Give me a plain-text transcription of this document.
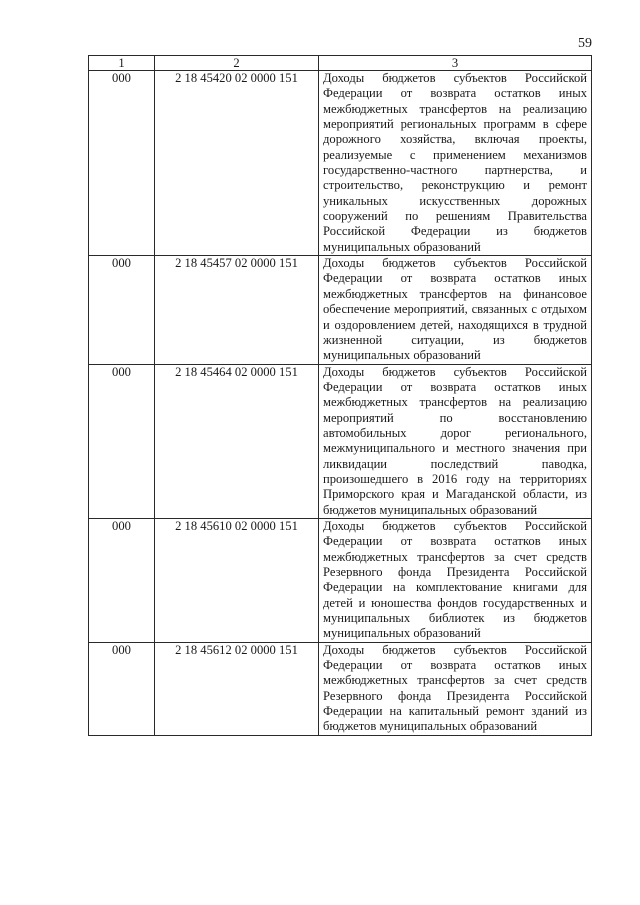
59
1	2	3
000	2 18 45420 02 0000 151	Доходы бюджетов субъектов Российской Федерации от возврата остатков иных межбюджетных трансфертов на реализацию мероприятий региональных программ в сфере дорожного хозяйства, включая проекты, реализуемые с применением механизмов государственно-частного партнерства, и строительство, реконструкцию и ремонт уникальных искусственных дорожных сооружений по решениям Правительства Российской Федерации из бюджетов муниципальных образований
000	2 18 45457 02 0000 151	Доходы бюджетов субъектов Российской Федерации от возврата остатков иных межбюджетных трансфертов на финансовое обеспечение мероприятий, связанных с отдыхом и оздоровлением детей, находящихся в трудной жизненной ситуации, из бюджетов муниципальных образований
000	2 18 45464 02 0000 151	Доходы бюджетов субъектов Российской Федерации от возврата остатков иных межбюджетных трансфертов на реализацию мероприятий по восстановлению автомобильных дорог регионального, межмуниципального и местного значения при ликвидации последствий паводка, произошедшего в 2016 году на территориях Приморского края и Магаданской области, из бюджетов муниципальных образований
000	2 18 45610 02 0000 151	Доходы бюджетов субъектов Российской Федерации от возврата остатков иных межбюджетных трансфертов за счет средств Резервного фонда Президента Российской Федерации на комплектование книгами для детей и юношества фондов государственных и муниципальных библиотек из бюджетов муниципальных образований
000	2 18 45612 02 0000 151	Доходы бюджетов субъектов Российской Федерации от возврата остатков иных межбюджетных трансфертов за счет средств Резервного фонда Президента Российской Федерации на капитальный ремонт зданий из бюджетов муниципальных образований
